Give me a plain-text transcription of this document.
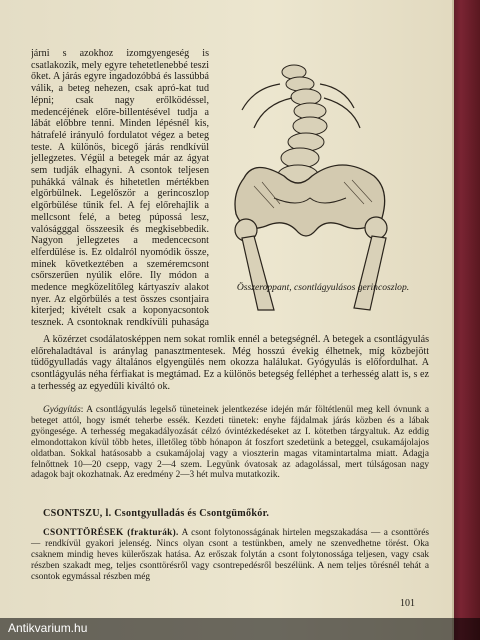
járni s azokhoz izomgyengeség is csatlakozik, mely egyre tehetetlenebbé teszi őket. A járás egyre ingadozóbbá és lassúbbá válik, a beteg nehezen, csak apró-kat tud lépni; csak nagy erőlködéssel, medencéjének előre-billentésével tudja a lábát előbbre tenni. Minden lépésnél kis, hátrafelé irányuló fordulatot végez a beteg teste. A különös, bicegő járás rendkívül jellegzetes. Végül a betegek már az ágyat sem tudják elhagyni. A csontok teljesen puhákká válnak és hihetetlen mértékben elgörbülnek. Legelőször a gerincoszlop elgörbülése tűnik fel. A fej előrehajlik a mellcsont felé, a beteg púpossá lesz, valóságggal összeesik és megkisebbedik. Nagyon jellegzetes a medencecsont elferdülése is. Ez oldalról nyomódik össze, minek következtében a szeméremcsont csőrszerűen nyúlik előre. Ily módon a medence megközelítőleg kártyaszív alakot nyer. Az elgörbülés a test összes csontjaira kiterjed; kivételt csak a koponyacsontok tesznek. A csontoknak rendkívüli puhasága

Összeroppant, csontlágyulásos gerincoszlop.

A közérzet csodálatosképpen nem sokat romlik ennél a betegségnél. A betegek a csontlágyulás előrehaladtával is aránylag panasztmentesek. Még hosszú évekig élhetnek, míg közbejött tüdőgyulladás vagy általános elgyengülés nem okozza halálukat. Gyógyulás is előfordulhat. A csontlágyulás néha férfiakat is megtámad. Ez a különös betegség felléphet a terhesség alatt is, s ez a terhesség az egyedüli kiváltó ok.

Gyógyítás: A csontlágyulás legelső tüneteinek jelentkezése idején már föltétlenül meg kell óvnunk a beteget attól, hogy ismét teherbe essék. Kezdeti tünetek: enyhe fájdalmak járás közben és a lábak gyöngesége. A terhesség megakadályozását célzó óvintézkedéseket az I. kötetben tárgyaltuk. Az eddig elmondottakon kívül több hetes, illetőleg több hónapon át foszfort szedetünk a beteggel, csukamájolajos oldatban. Sokkal hatásosabb a csukamájolaj vagy a vioszterin magas vitamintartalma miatt. Adagja felnőttnek 10—20 csepp, vagy 2—4 szem. Legyünk óvatosak az adagolással, mert túlságosan nagy adagok bajt okozhatnak. Az eredmény 2—3 hét mulva mutatkozik.

CSONTSZU, l. Csontgyulladás és Csontgümőkór.

CSONTTÖRÉSEK (frakturák). A csont folytonosságának hirtelen megszakadása — a csonttörés — rendkívül gyakori jelenség. Nincs olyan csont a testünkben, amely ne szenvedhetne törést. Oka csaknem mindig heves külerőszak hatása. Az erőszak folytán a csont folytonossága teljesen, vagy csak részben szakadt meg, teljes csonttörésről vagy csontrepedésről beszélünk. A nem teljes törésnél tehát a csontok egymással részben még

101
Antikvarium.hu
